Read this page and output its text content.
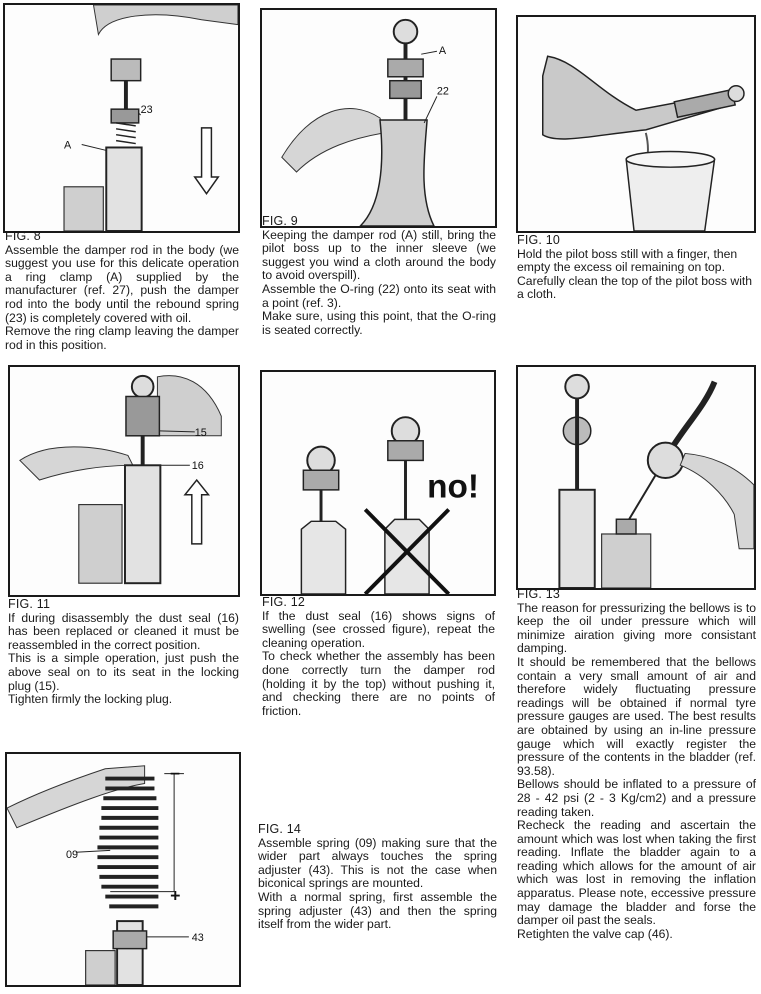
A
23

FIG. 8

Assemble the damper rod in the body (we suggest you use for this delicate operation a ring clamp (A) supplied by the manufacturer (ref. 27), push the damper rod into the body until the rebound spring (23) is completely covered with oil.

Remove the ring clamp leaving the damper rod in this position.

A
22

FIG. 9

Keeping the damper rod (A) still, bring the pilot boss up to the inner sleeve (we suggest you wind a cloth around the body to avoid overspill).

Assemble the O-ring (22) onto its seat with a point (ref. 3).

Make sure, using this point, that the O-ring is seated correctly.

FIG. 10

Hold the pilot boss still with a finger, then empty the excess oil remaining on top.

Carefully clean the top of the pilot boss with a cloth.

15
16

FIG. 11

If during disassembly the dust seal (16) has been replaced or cleaned it must be reassembled in the correct position.

This is a simple operation, just push the above seal on to its seat in the locking plug (15).

Tighten firmly the locking plug.

no!

FIG. 12

If the dust seal (16) shows signs of swelling (see crossed figure), repeat the cleaning operation.

To check whether the assembly has been done correctly turn the damper rod (holding it by the top) without pushing it, and checking there are no points of friction.

FIG. 13

The reason for pressurizing the bellows is to keep the oil under pressure which will minimize airation giving more consistant damping.

It should be remembered that the bellows contain a very small amount of air and therefore widely fluctuating pressure readings will be obtained if normal tyre pressure gauges are used. The best results are obtained by using an in-line pressure gauge which will exactly register the pressure of the contents in the bladder (ref. 93.58).

Bellows should be inflated to a pressure of 28 - 42 psi (2 - 3 Kg/cm2) and a pressure reading taken.

Recheck the reading and ascertain the amount which was lost when taking the first reading. Inflate the bladder again to a reading which allows for the amount of air which was lost in removing the inflation apparatus. Please note, eccessive pressure may damage the bladder and forse the damper oil past the seals.

Retighten the valve cap (46).

–
+
09
43

FIG. 14

Assemble spring (09) making sure that the wider part always touches the spring adjuster (43). This is not the case when biconical springs are mounted.

With a normal spring, first assemble the spring adjuster (43) and then the spring itself from the wider part.
